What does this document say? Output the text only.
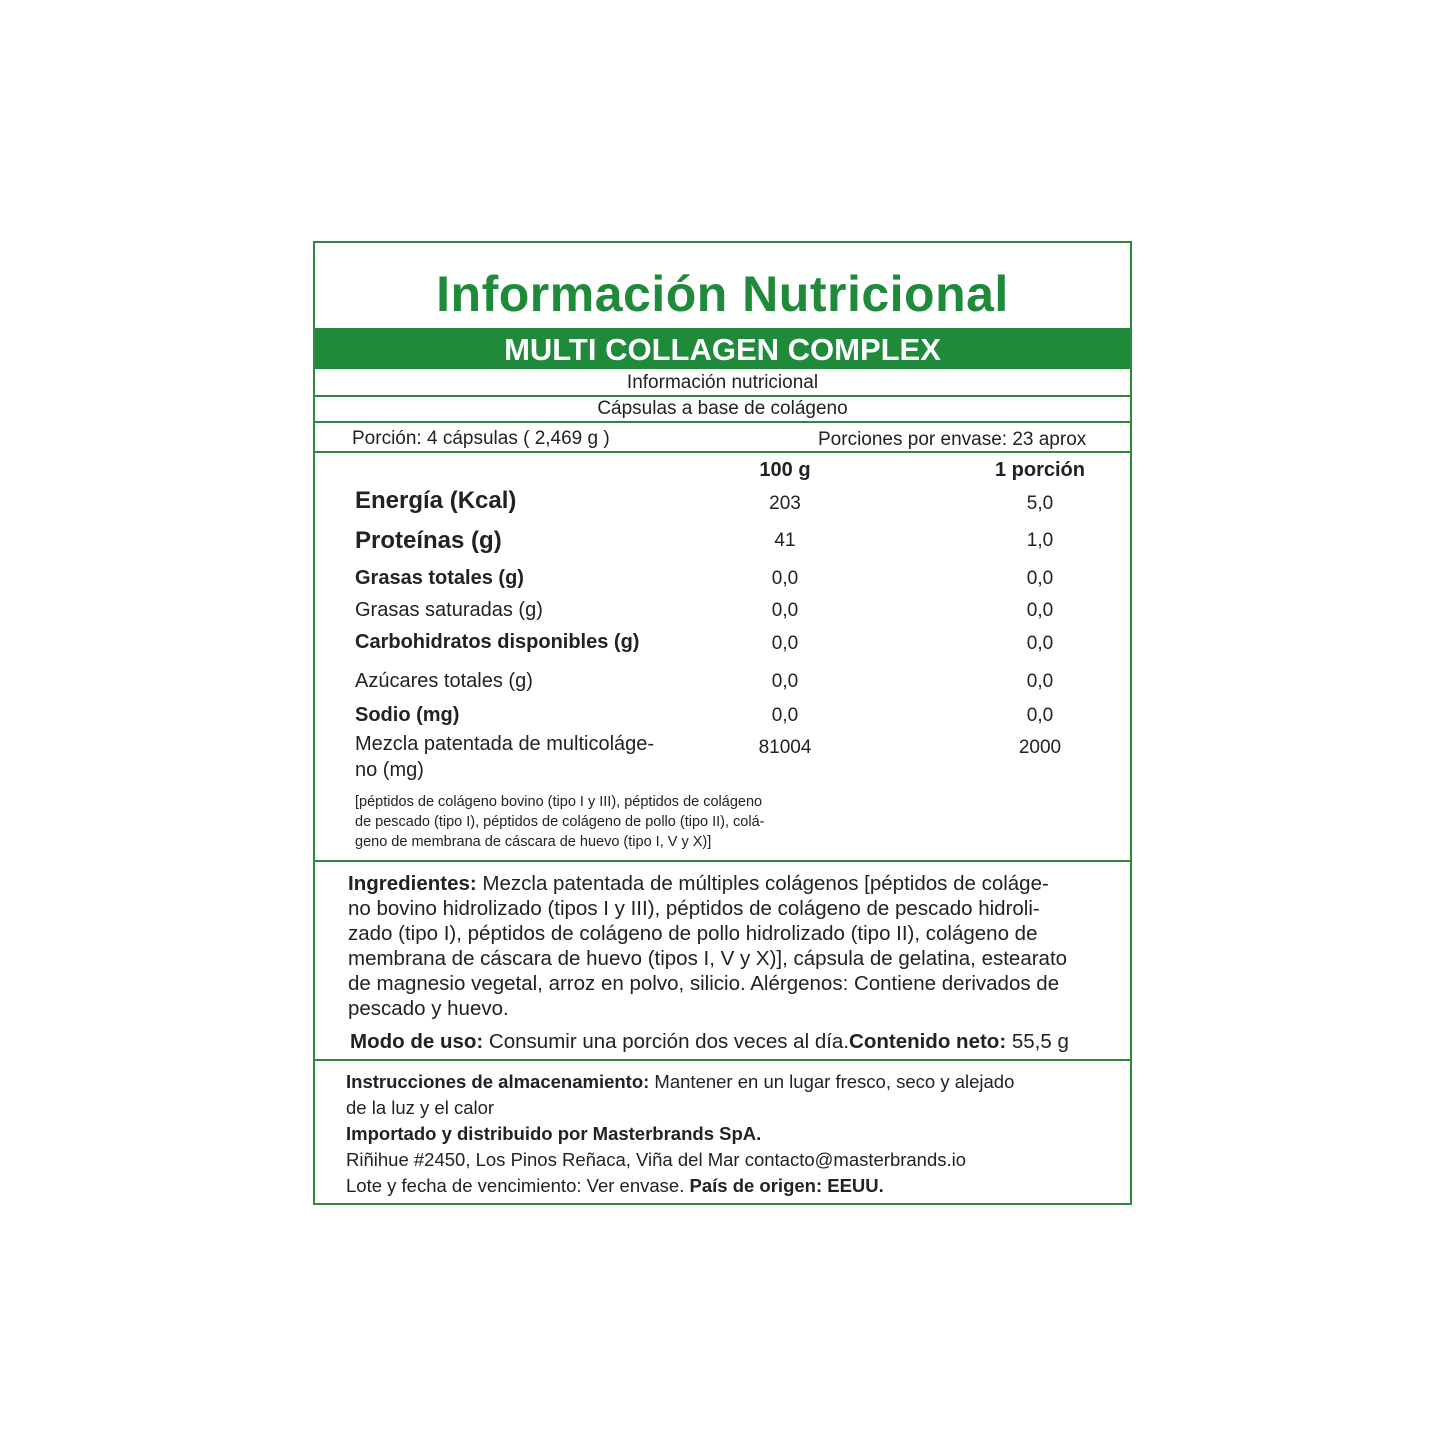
Información Nutricional
MULTI COLLAGEN COMPLEX
Información nutricional
Cápsulas a base de colágeno
Porción: 4 cápsulas ( 2,469 g )	Porciones por envase: 23 aprox
100 g	1 porción
Energía (Kcal)	203	5,0
Proteínas (g)	41	1,0
Grasas totales (g)	0,0	0,0
Grasas saturadas (g)	0,0	0,0
Carbohidratos disponibles (g)	0,0	0,0
Azúcares totales (g)	0,0	0,0
Sodio (mg)	0,0	0,0
Mezcla patentada de multicoláge-
no (mg)
81004	2000
[péptidos de colágeno bovino (tipo I y III), péptidos de colágeno
de pescado (tipo I), péptidos de colágeno de pollo (tipo II), colá-
geno de membrana de cáscara de huevo (tipo I, V y X)]
Ingredientes: Mezcla patentada de múltiples colágenos [péptidos de coláge-
no bovino hidrolizado (tipos I y III), péptidos de colágeno de pescado hidroli-
zado (tipo I), péptidos de colágeno de pollo hidrolizado (tipo II), colágeno de
membrana de cáscara de huevo (tipos I, V y X)], cápsula de gelatina, estearato
de magnesio vegetal, arroz en polvo, silicio. Alérgenos: Contiene derivados de
pescado y huevo.
Modo de uso: Consumir una porción dos veces al día.Contenido neto: 55,5 g
Instrucciones de almacenamiento: Mantener en un lugar fresco, seco y alejado
de la luz y el calor
Importado y distribuido por Masterbrands SpA.
Riñihue #2450, Los Pinos Reñaca, Viña del Mar contacto@masterbrands.io
Lote y fecha de vencimiento: Ver envase. País de origen: EEUU.
